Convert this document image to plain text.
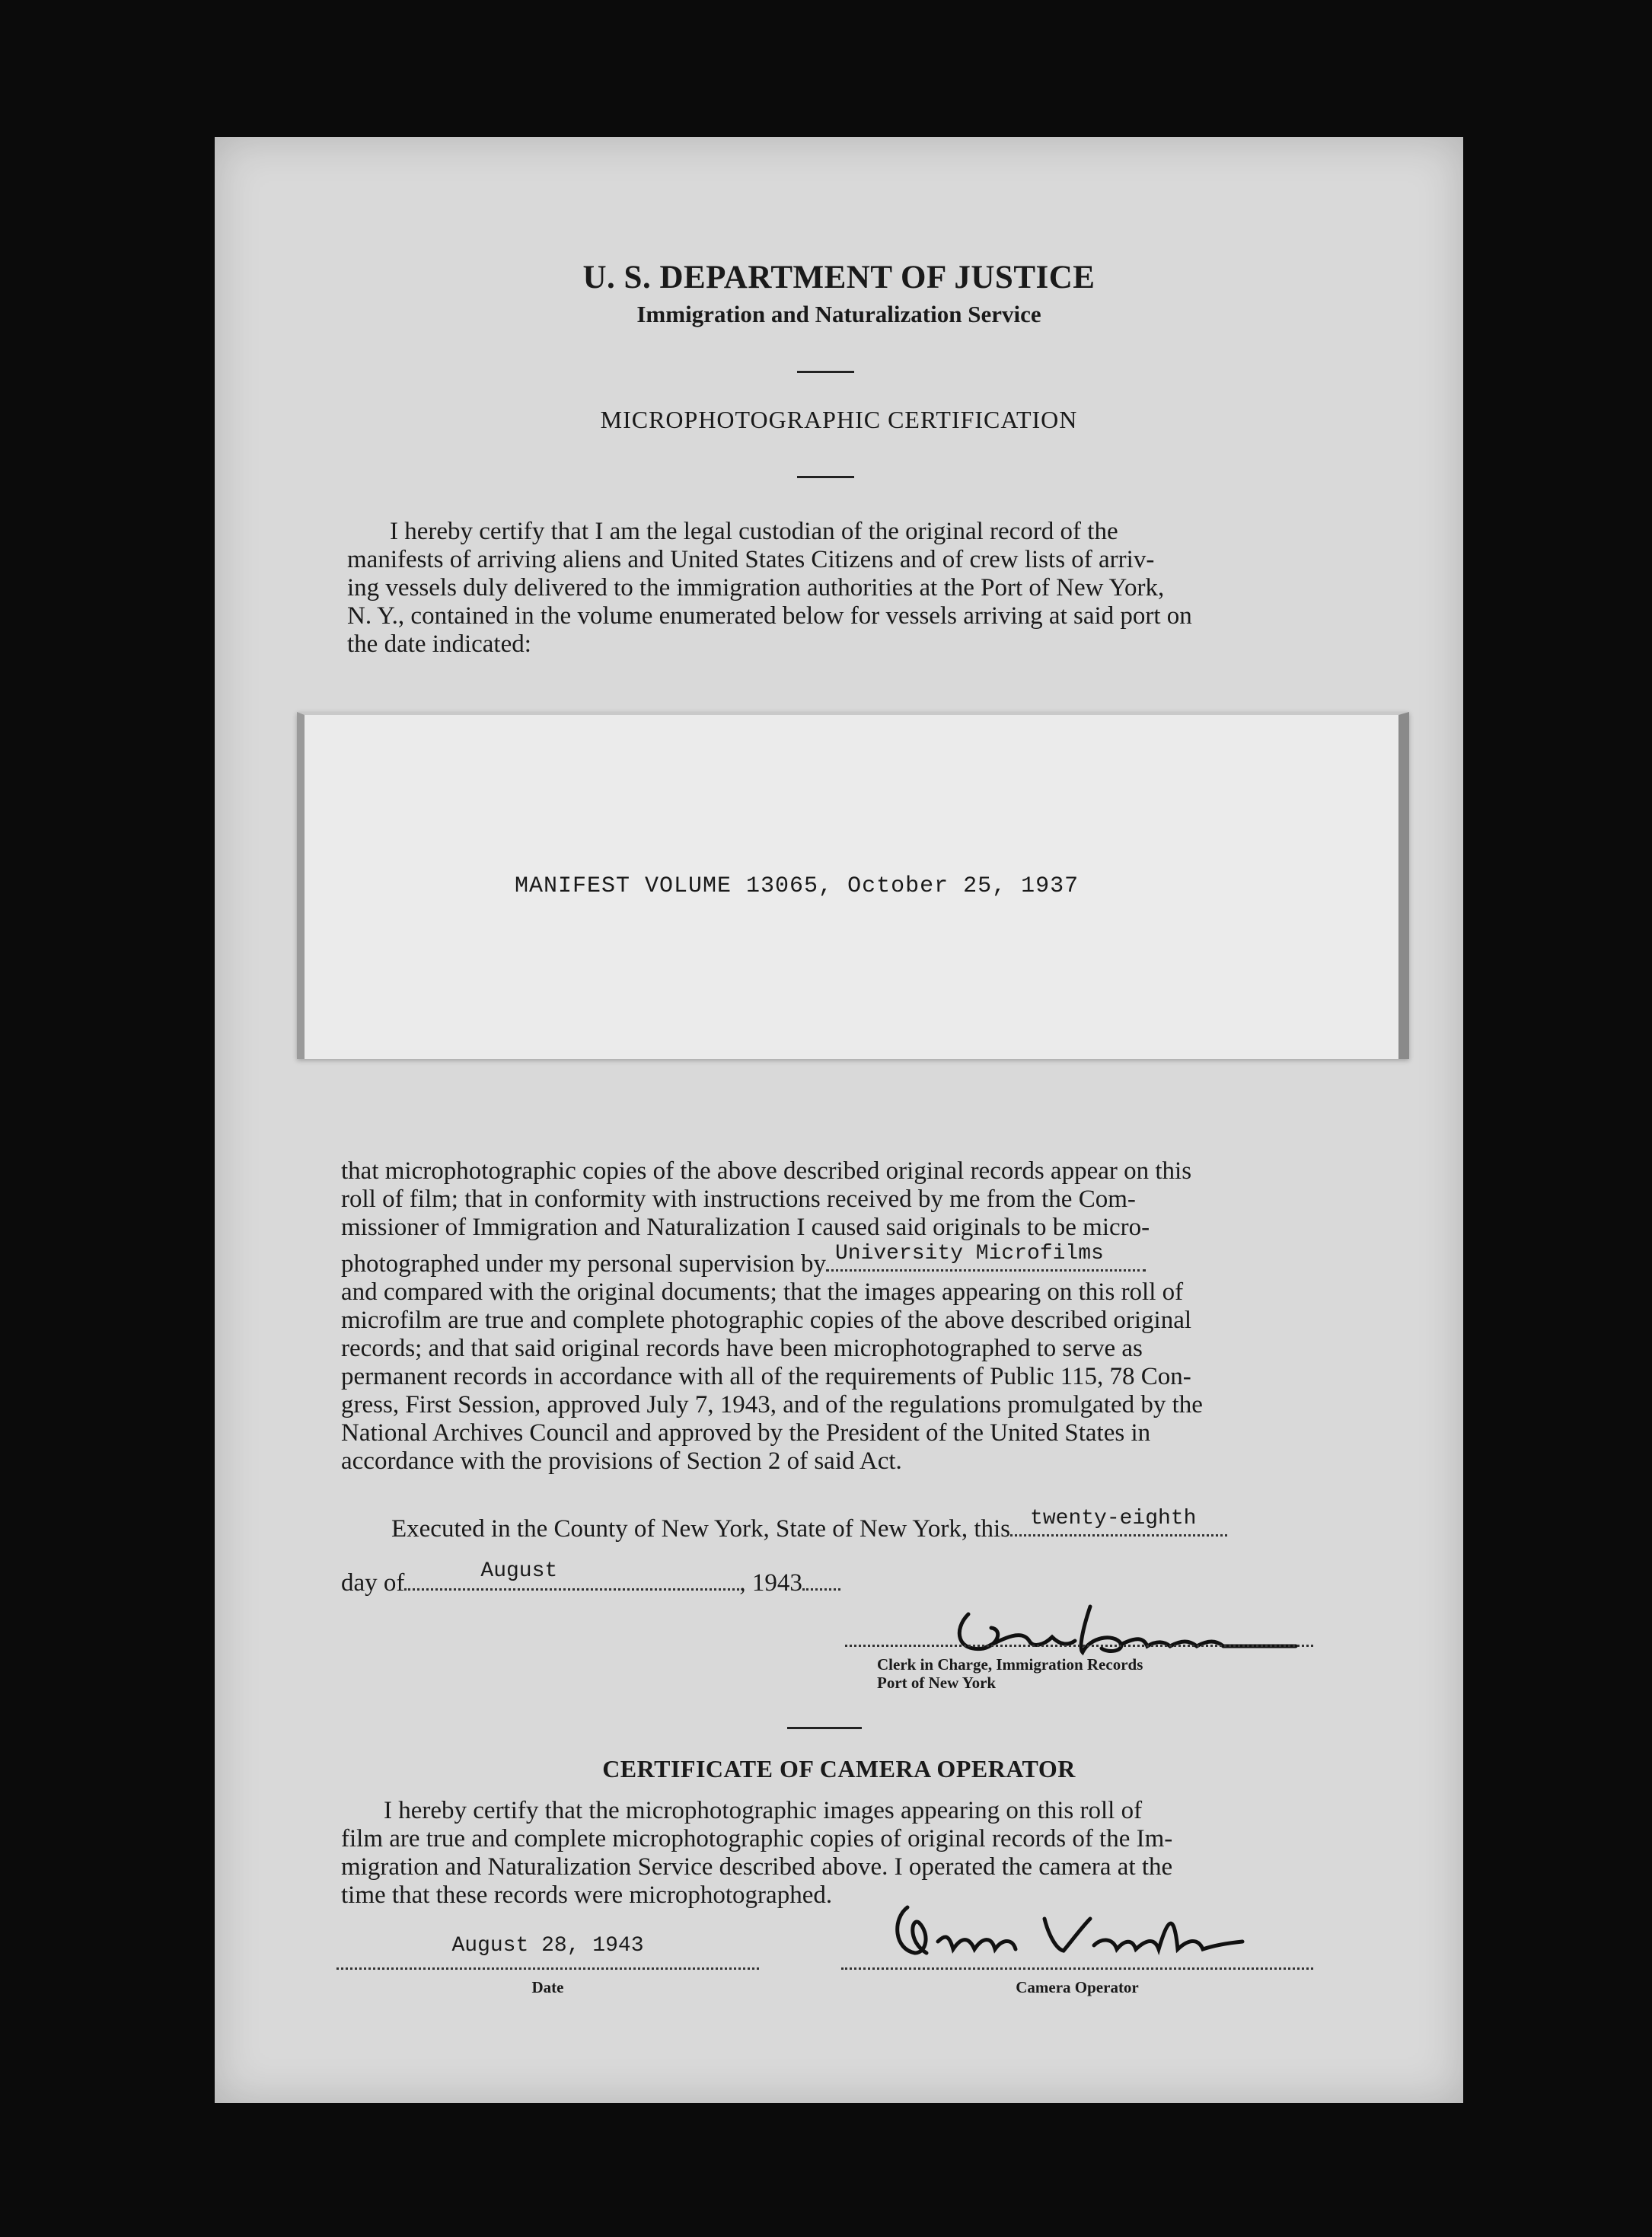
U. S. DEPARTMENT OF JUSTICE
Immigration and Naturalization Service
MICROPHOTOGRAPHIC CERTIFICATION

I hereby certify that I am the legal custodian of the original record of the

manifests of arriving aliens and United States Citizens and of crew lists of arriv-

ing vessels duly delivered to the immigration authorities at the Port of New York,

N. Y., contained in the volume enumerated below for vessels arriving at said port on

the date indicated:

MANIFEST VOLUME 13065, October 25, 1937

that microphotographic copies of the above described original records appear on this

roll of film; that in conformity with instructions received by me from the Com-

missioner of Immigration and Naturalization I caused said originals to be micro-

photographed under my personal supervision by University Microfilms

and compared with the original documents; that the images appearing on this roll of

microfilm are true and complete photographic copies of the above described original

records; and that said original records have been microphotographed to serve as

permanent records in accordance with all of the requirements of Public 115, 78 Con-

gress, First Session, approved July 7, 1943, and of the regulations promulgated by the

National Archives Council and approved by the President of the United States in

accordance with the provisions of Section 2 of said Act.

Executed in the County of New York, State of New York, this twenty-eighth
day of	August	, 1943	Geo. Barsam
Clerk in Charge, Immigration Records
Port of New York
CERTIFICATE OF CAMERA OPERATOR

I hereby certify that the microphotographic images appearing on this roll of

film are true and complete microphotographic copies of original records of the Im-

migration and Naturalization Service described above. I operated the camera at the

time that these records were microphotographed.

August 28, 1943
Date
Irma Varada
Camera Operator
